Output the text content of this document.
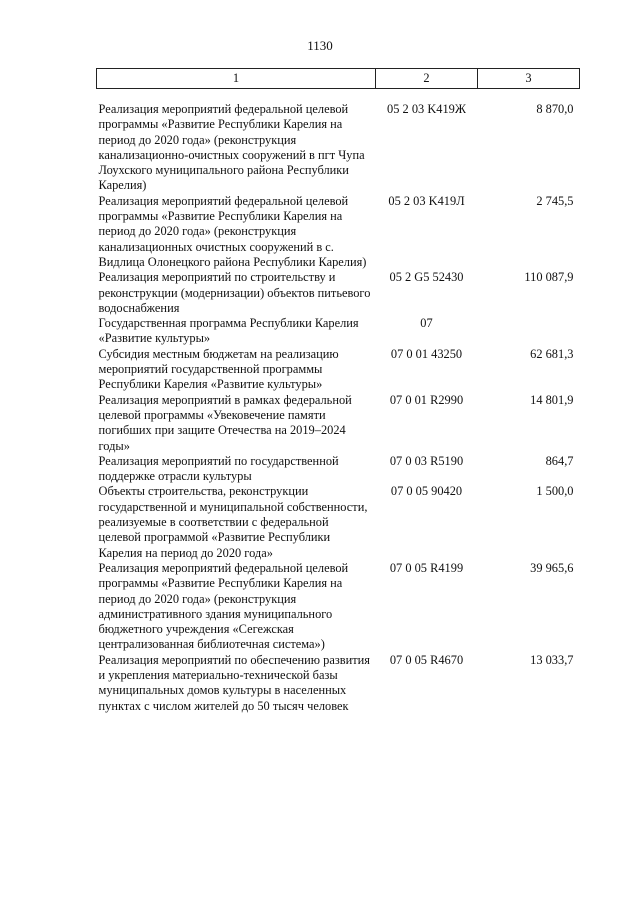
1130
1	2	3
Реализация мероприятий федеральной целевой программы «Развитие Республики Карелия на период до 2020 года» (реконструкция канализационно-очистных сооружений в пгт Чупа Лоухского муниципального района Республики Карелия)	05 2 03 K419Ж	8 870,0
Реализация мероприятий федеральной целевой программы «Развитие Республики Карелия на период до 2020 года» (реконструкция канализационных очистных сооружений в с. Видлица Олонецкого района Республики Карелия)	05 2 03 K419Л	2 745,5
Реализация мероприятий по строительству и реконструкции (модернизации) объектов питьевого водоснабжения	05 2 G5 52430	110 087,9
Государственная программа Республики Карелия «Развитие культуры»	07	
Субсидия местным бюджетам на реализацию мероприятий государственной программы Республики Карелия «Развитие культуры»	07 0 01 43250	62 681,3
Реализация мероприятий в рамках федеральной целевой программы «Увековечение памяти погибших при защите Отечества на 2019–2024 годы»	07 0 01 R2990	14 801,9
Реализация мероприятий по государственной поддержке отрасли культуры	07 0 03 R5190	864,7
Объекты строительства, реконструкции государственной и муниципальной собственности, реализуемые в соответствии с федеральной целевой программой «Развитие Республики Карелия на период до 2020 года»	07 0 05 90420	1 500,0
Реализация мероприятий федеральной целевой программы «Развитие Республики Карелия на период до 2020 года» (реконструкция административного здания муниципального бюджетного учреждения «Сегежская централизованная библиотечная система»)	07 0 05 R4199	39 965,6
Реализация мероприятий по обеспечению развития и укрепления материально-технической базы муниципальных домов культуры в населенных пунктах с числом жителей до 50 тысяч человек	07 0 05 R4670	13 033,7
